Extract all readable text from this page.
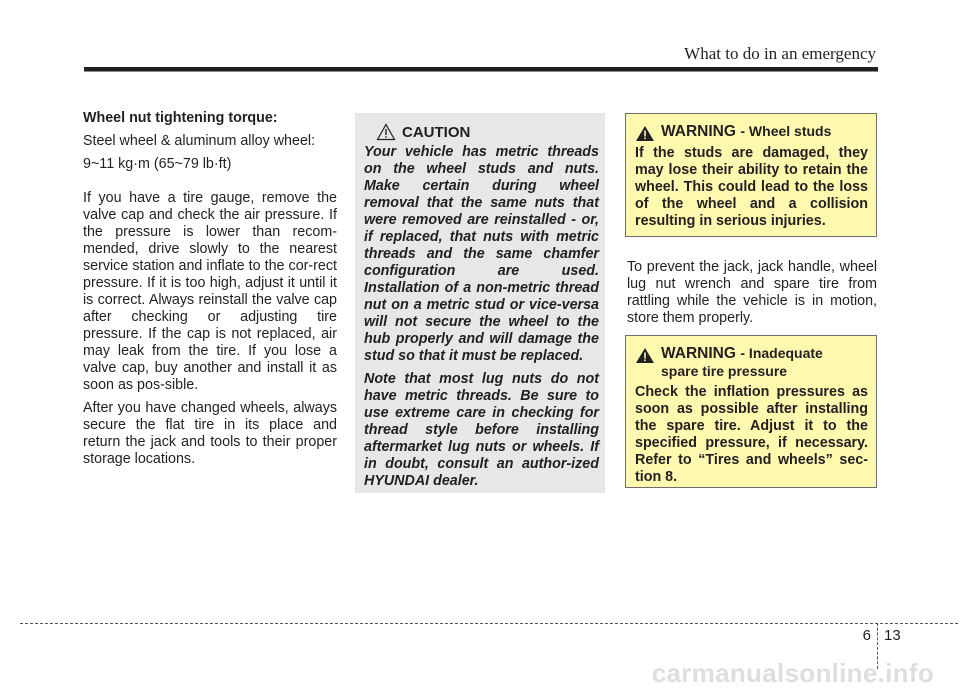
What to do in an emergency
Wheel nut tightening torque:

Steel wheel & aluminum alloy wheel:

9~11 kg·m (65~79 lb·ft)

If you have a tire gauge, remove the valve cap and check the air pressure. If the pressure is lower than recom-mended, drive slowly to the nearest service station and inflate to the cor-rect pressure. If it is too high, adjust it until it is correct. Always reinstall the valve cap after checking or adjusting tire pressure. If the cap is not replaced, air may leak from the tire. If you lose a valve cap, buy another and install it as soon as pos-sible.

After you have changed wheels, always secure the flat tire in its place and return the jack and tools to their proper storage locations.

CAUTION

Your vehicle has metric threads on the wheel studs and nuts. Make certain during wheel removal that the same nuts that were removed are reinstalled - or, if replaced, that nuts with metric threads and the same chamfer configuration are used. Installation of a non-metric thread nut on a metric stud or vice-versa will not secure the wheel to the hub properly and will damage the stud so that it must be replaced.

Note that most lug nuts do not have metric threads. Be sure to use extreme care in checking for thread style before installing aftermarket lug nuts or wheels. If in doubt, consult an author-ized HYUNDAI dealer.

WARNING - Wheel studs

If the studs are damaged, they may lose their ability to retain the wheel. This could lead to the loss of the wheel and a collision resulting in serious injuries.

To prevent the jack, jack handle, wheel lug nut wrench and spare tire from rattling while the vehicle is in motion, store them properly.

WARNING - Inadequate
spare tire pressure

Check the inflation pressures as soon as possible after installing the spare tire. Adjust it to the specified pressure, if necessary. Refer to “Tires and wheels” sec-tion 8.

6 13
carmanualsonline.info
